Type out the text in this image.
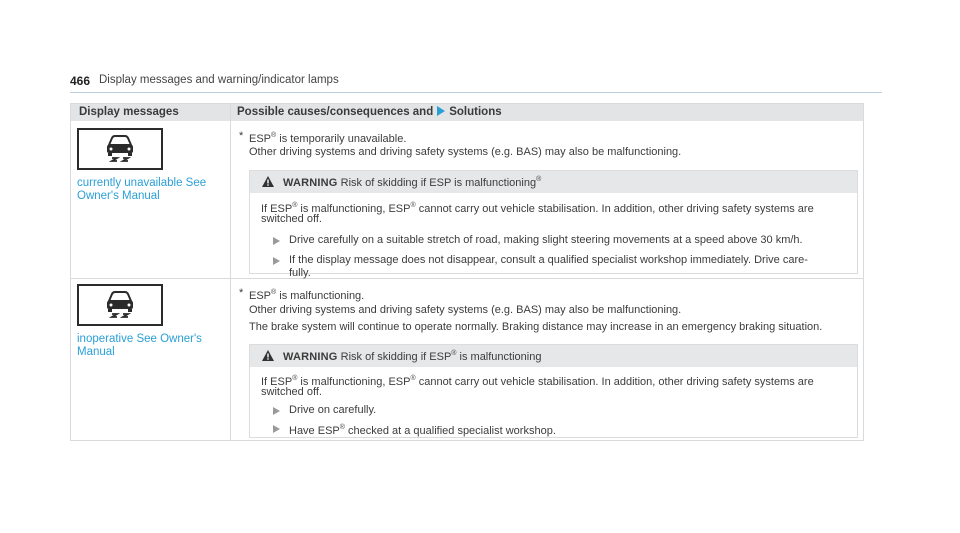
466 Display messages and warning/indicator lamps
Display messages	Possible causes/consequences and Solutions
currently unavailable See
Owner's Manual
* ESP® is temporarily unavailable.
Other driving systems and driving safety systems (e.g. BAS) may also be malfunctioning.
WARNING Risk of skidding if ESP is malfunctioning®
If ESP® is malfunctioning, ESP® cannot carry out vehicle stabilisation. In addition, other driving safety systems are
switched off.
Drive carefully on a suitable stretch of road, making slight steering movements at a speed above 30 km/h.
If the display message does not disappear, consult a qualified specialist workshop immediately. Drive care-
fully.
inoperative See Owner's
Manual
* ESP® is malfunctioning.
Other driving systems and driving safety systems (e.g. BAS) may also be malfunctioning.
The brake system will continue to operate normally. Braking distance may increase in an emergency braking situation.
WARNING Risk of skidding if ESP® is malfunctioning
If ESP® is malfunctioning, ESP® cannot carry out vehicle stabilisation. In addition, other driving safety systems are
switched off.
Drive on carefully.
Have ESP® checked at a qualified specialist workshop.
